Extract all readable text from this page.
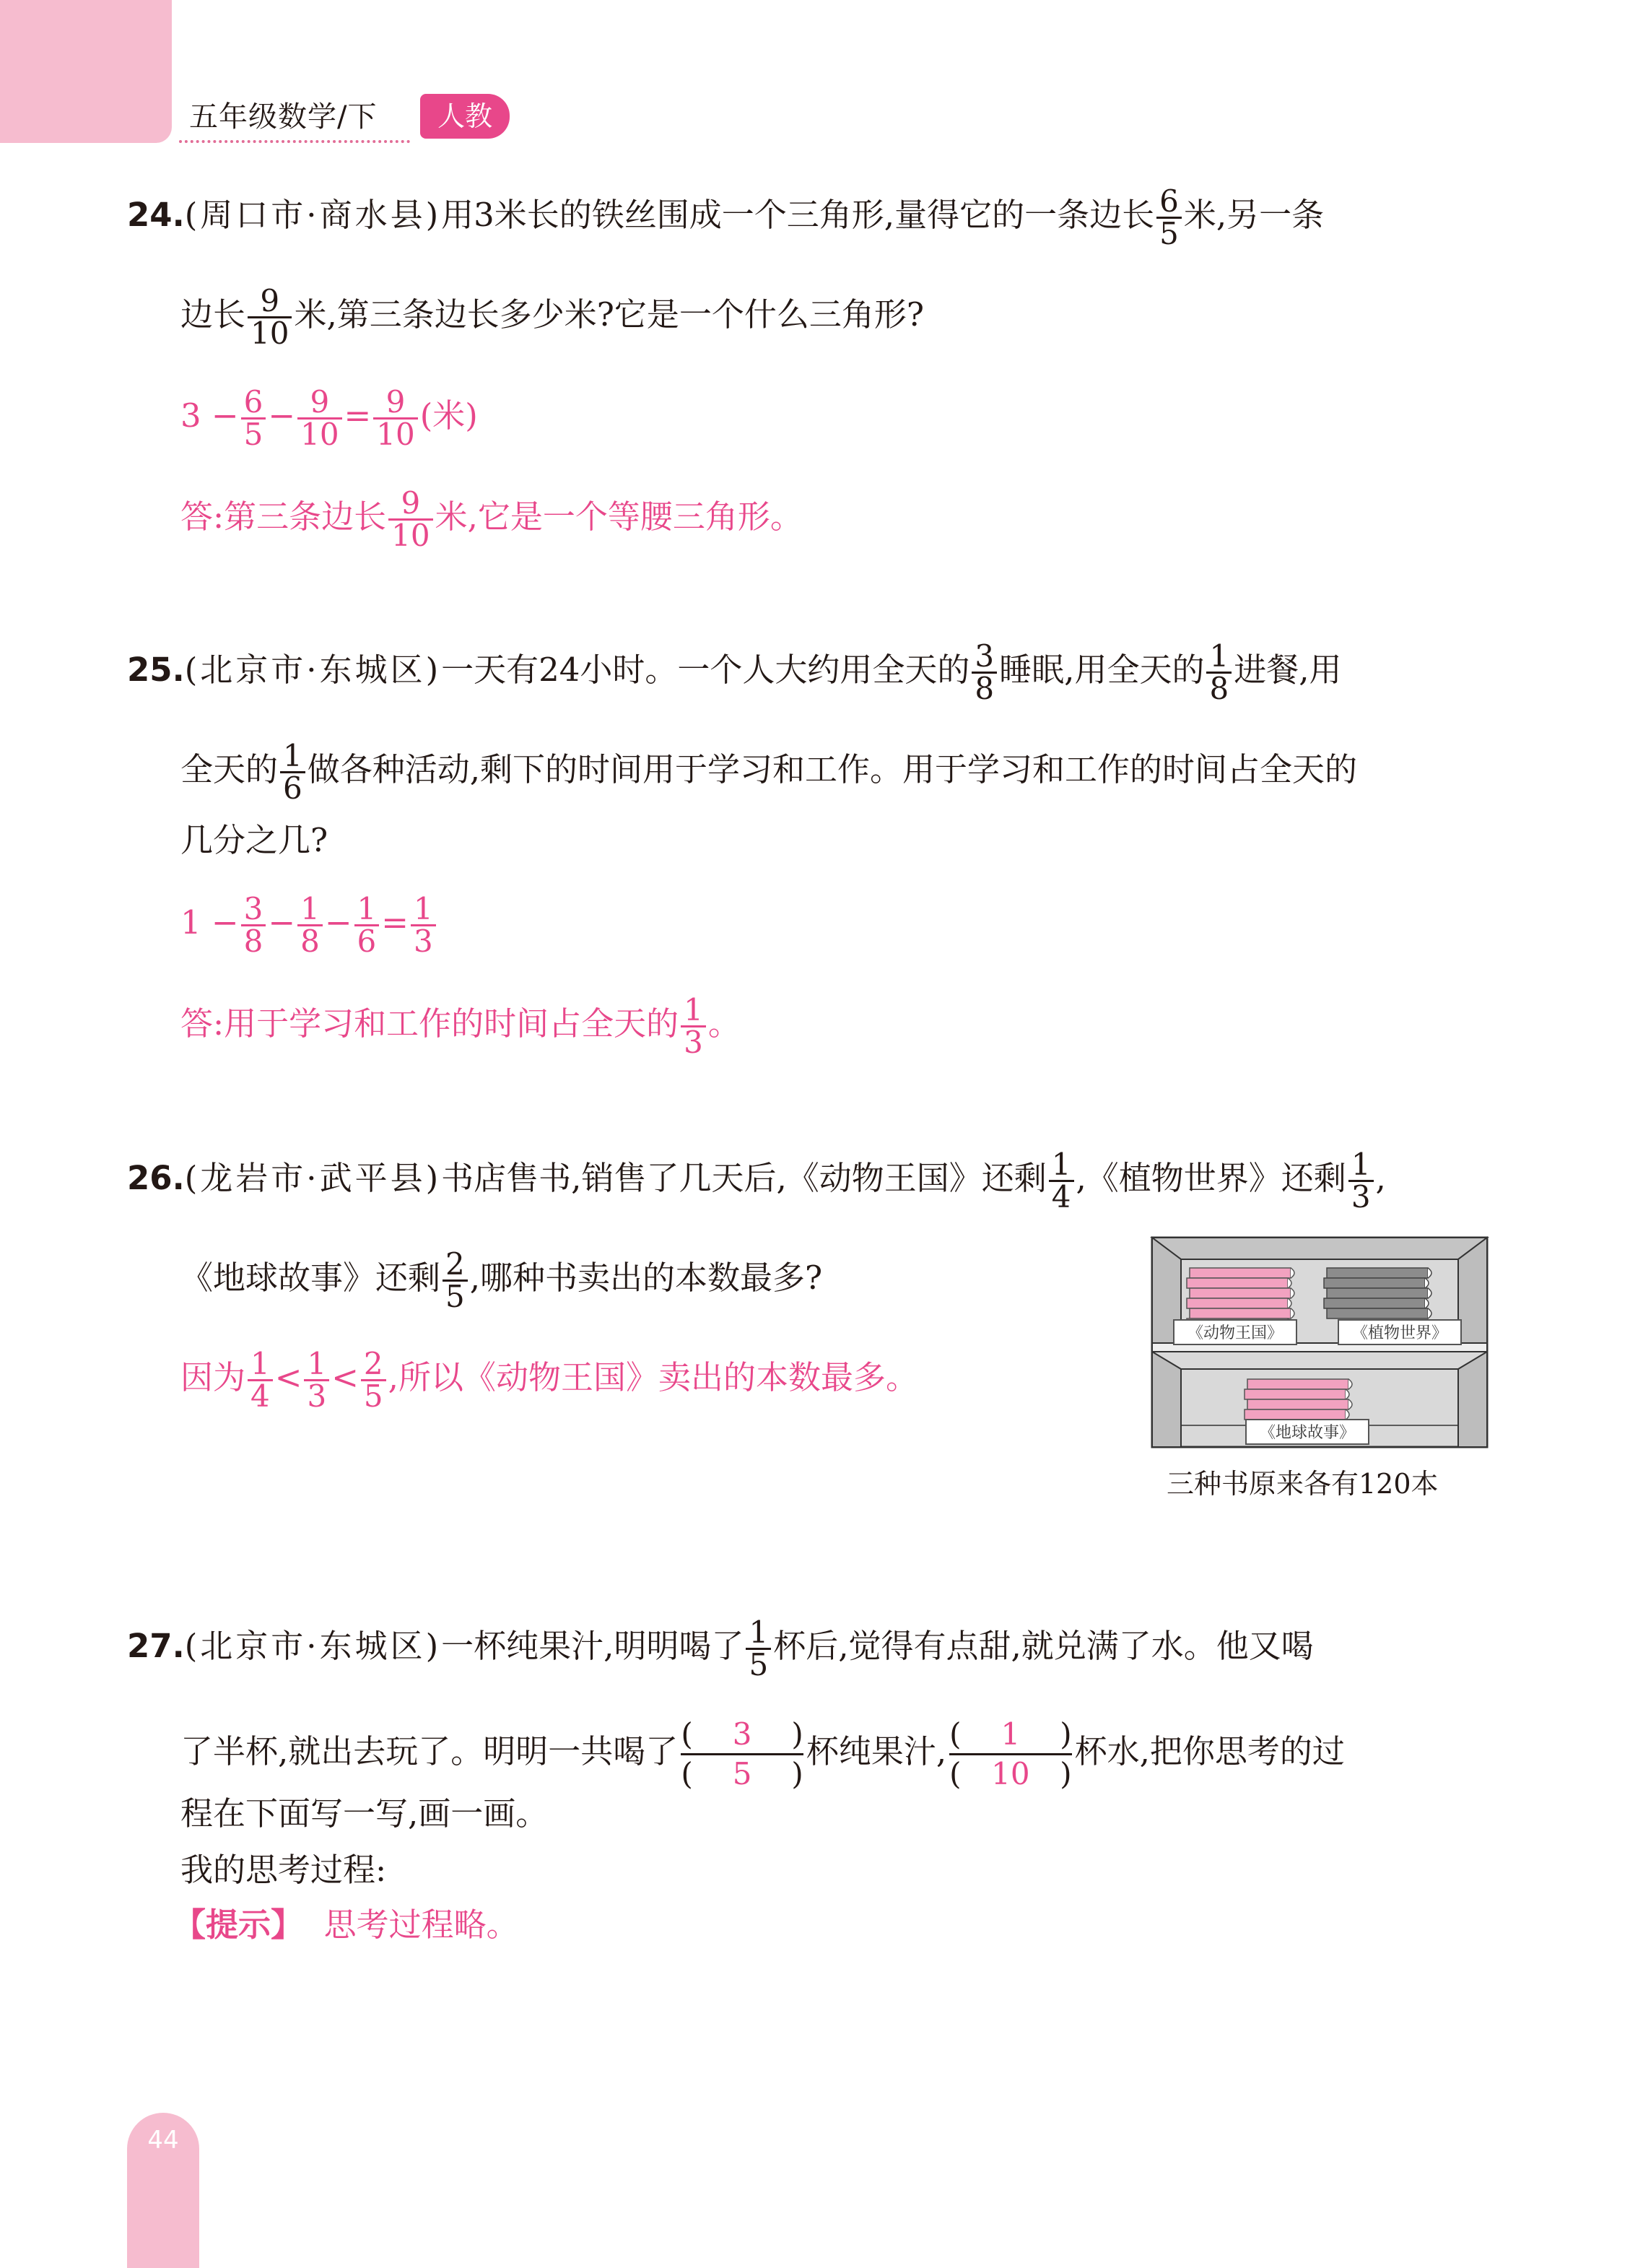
五年级数学/下	人教
24.(周口市·商水县)用3米长的铁丝围成一个三角形,量得它的一条边长 $\frac{6}{5}$ 米,另一条
边长 $\frac{9}{10}$ 米,第三条边长多少米?它是一个什么三角形?
$3 - \frac{6}{5} - \frac{9}{10} = \frac{9}{10}$ (米)
答:第三条边长 $\frac{9}{10}$ 米,它是一个等腰三角形。
25.(北京市·东城区)一天有24小时。一个人大约用全天的 $\frac{3}{8}$ 睡眠,用全天的 $\frac{1}{8}$ 进餐,用
全天的 $\frac{1}{6}$ 做各种活动,剩下的时间用于学习和工作。用于学习和工作的时间占全天的
几分之几?
$1 - \frac{3}{8} - \frac{1}{8} - \frac{1}{6} = \frac{1}{3}$
答:用于学习和工作的时间占全天的 $\frac{1}{3}$ 。
26.(龙岩市·武平县)书店售书,销售了几天后,《动物王国》还剩 $\frac{1}{4}$ ,《植物世界》还剩 $\frac{1}{3}$ ,
《地球故事》还剩 $\frac{2}{5}$ ,哪种书卖出的本数最多?
因为 $\frac{1}{4} < \frac{1}{3} < \frac{2}{5}$ ,所以《动物王国》卖出的本数最多。
《动物王国》	《植物世界》
《地球故事》
三种书原来各有120本
27.(北京市·东城区)一杯纯果汁,明明喝了 $\frac{1}{5}$ 杯后,觉得有点甜,就兑满了水。他又喝
了半杯,就出去玩了。明明一共喝了 $\frac{( 3 )}{( 5 )}$ 杯纯果汁, $\frac{( 1 )}{( 10 )}$ 杯水,把你思考的过
程在下面写一写,画一画。
我的思考过程:
【提示】 思考过程略。
44
